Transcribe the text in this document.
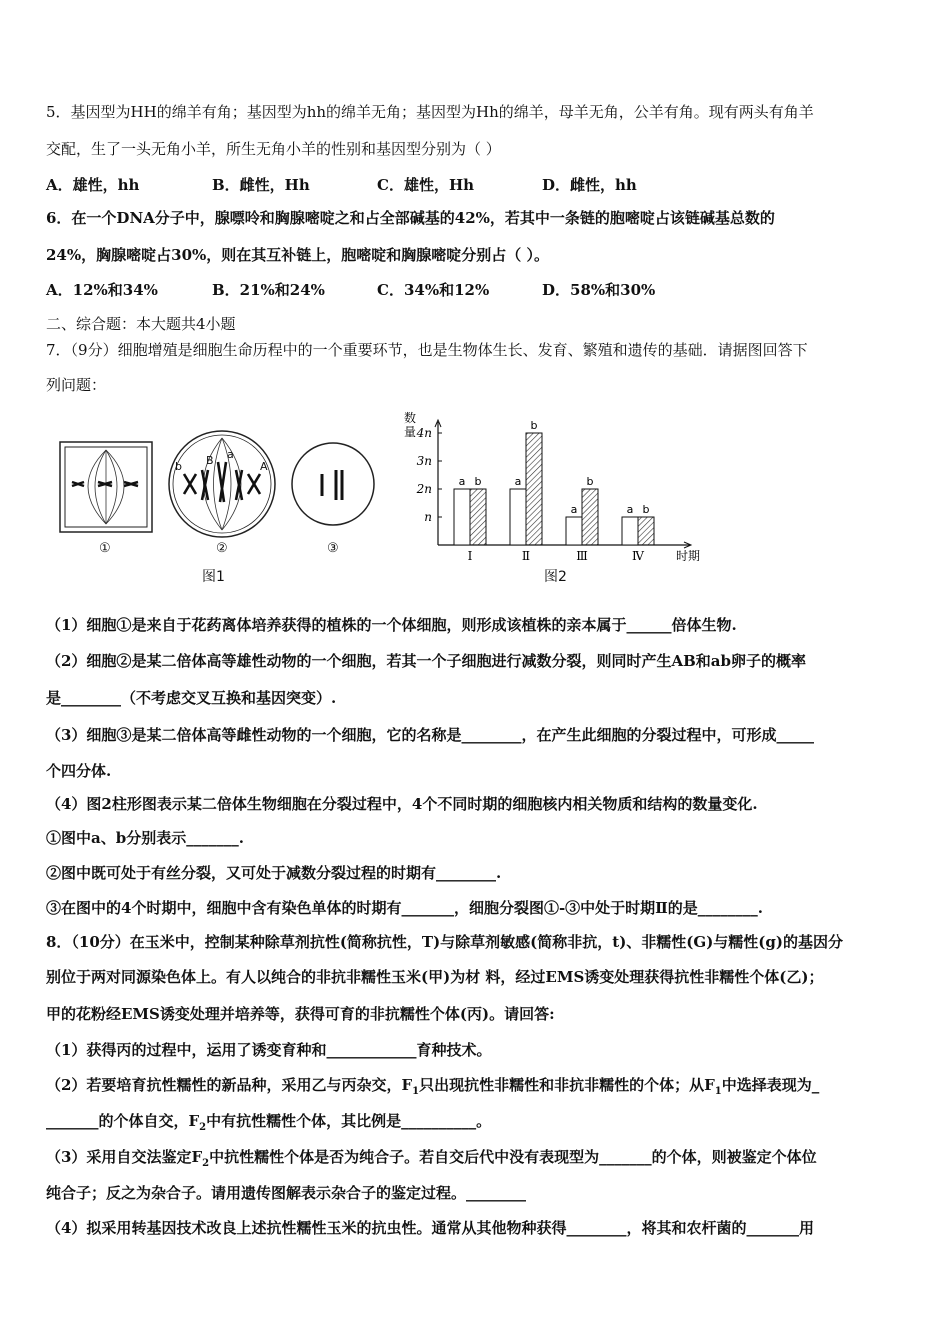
5．基因型为HH的绵羊有角；基因型为hh的绵羊无角；基因型为Hh的绵羊，母羊无角，公羊有角。现有两头有角羊
交配，生了一头无角小羊，所生无角小羊的性别和基因型分别为（ ）
A．雄性，hh	B．雌性，Hh	C．雄性，Hh	D．雌性，hh
6．在一个DNA分子中，腺嘌呤和胸腺嘧啶之和占全部碱基的42%，若其中一条链的胞嘧啶占该链碱基总数的
24%，胸腺嘧啶占30%，则在其互补链上，胞嘧啶和胸腺嘧啶分别占（ ）。
A．12%和34%	B．21%和24%	C．34%和12%	D．58%和30%
二、综合题：本大题共4小题
7．（9分）细胞增殖是细胞生命历程中的一个重要环节，也是生物体生长、发育、繁殖和遗传的基础．请据图回答下
列问题：
b B a
A
①	②	③
图1
数
量
n
2n
3n
4n
a b
Ⅰ
a
b
Ⅱ
a
b
Ⅲ
a b
Ⅳ	时期
图2
（1）细胞①是来自于花药离体培养获得的植株的一个体细胞，则形成该植株的亲本属于______倍体生物.
（2）细胞②是某二倍体高等雄性动物的一个细胞，若其一个子细胞进行减数分裂，则同时产生AB和ab卵子的概率
是________（不考虑交叉互换和基因突变）.
（3）细胞③是某二倍体高等雌性动物的一个细胞，它的名称是________，在产生此细胞的分裂过程中，可形成_____
个四分体.
（4）图2柱形图表示某二倍体生物细胞在分裂过程中，4个不同时期的细胞核内相关物质和结构的数量变化.
①图中a、b分别表示_______.
②图中既可处于有丝分裂，又可处于减数分裂过程的时期有________.
③在图中的4个时期中，细胞中含有染色单体的时期有_______，细胞分裂图①-③中处于时期Ⅱ的是________.
8．（10分）在玉米中，控制某种除草剂抗性(简称抗性，T)与除草剂敏感(简称非抗，t)、非糯性(G)与糯性(g)的基因分
别位于两对同源染色体上。有人以纯合的非抗非糯性玉米(甲)为材 料，经过EMS诱变处理获得抗性非糯性个体(乙)；
甲的花粉经EMS诱变处理并培养等，获得可育的非抗糯性个体(丙)。请回答:
（1）获得丙的过程中，运用了诱变育种和____________育种技术。
（2）若要培育抗性糯性的新品种，采用乙与丙杂交，$F_1$只出现抗性非糯性和非抗非糯性的个体；从$F_1$中选择表现为_
_______的个体自交，$F_2$中有抗性糯性个体，其比例是__________。
（3）采用自交法鉴定$F_2$中抗性糯性个体是否为纯合子。若自交后代中没有表现型为_______的个体，则被鉴定个体位
纯合子；反之为杂合子。请用遗传图解表示杂合子的鉴定过程。________
（4）拟采用转基因技术改良上述抗性糯性玉米的抗虫性。通常从其他物种获得________，将其和农杆菌的_______用
